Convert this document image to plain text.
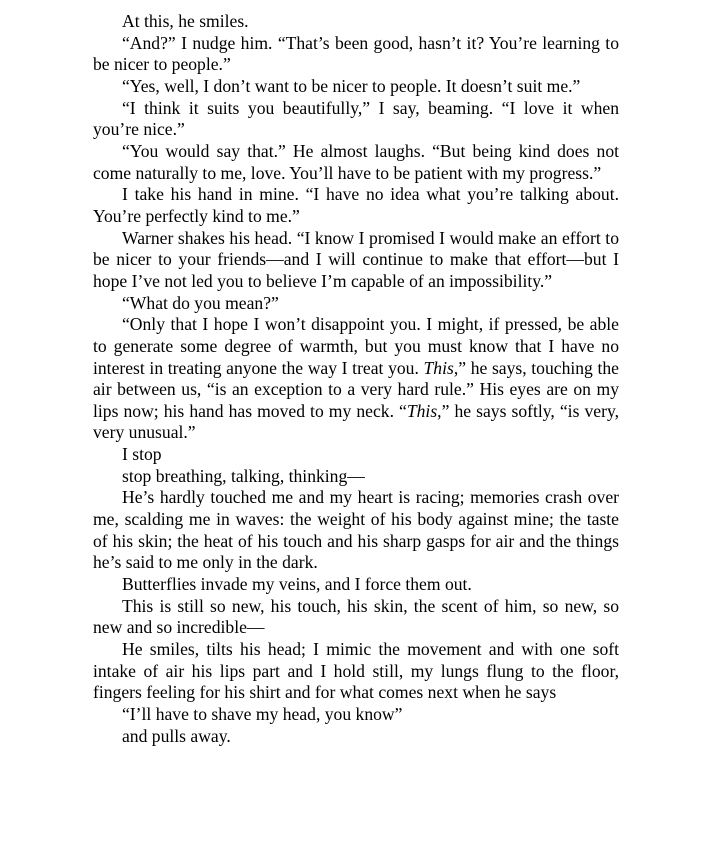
At this, he smiles.

“And?” I nudge him. “That’s been good, hasn’t it? You’re learning to be nicer to people.”

“Yes, well, I don’t want to be nicer to people. It doesn’t suit me.”

“I think it suits you beautifully,” I say, beaming. “I love it when you’re nice.”

“You would say that.” He almost laughs. “But being kind does not come naturally to me, love. You’ll have to be patient with my progress.”

I take his hand in mine. “I have no idea what you’re talking about. You’re perfectly kind to me.”

Warner shakes his head. “I know I promised I would make an effort to be nicer to your friends—and I will continue to make that effort—but I hope I’ve not led you to believe I’m capable of an impossibility.”

“What do you mean?”

“Only that I hope I won’t disappoint you. I might, if pressed, be able to generate some degree of warmth, but you must know that I have no interest in treating anyone the way I treat you. This,” he says, touching the air between us, “is an exception to a very hard rule.” His eyes are on my lips now; his hand has moved to my neck. “This,” he says softly, “is very, very unusual.”

I stop

stop breathing, talking, thinking—

He’s hardly touched me and my heart is racing; memories crash over me, scalding me in waves: the weight of his body against mine; the taste of his skin; the heat of his touch and his sharp gasps for air and the things he’s said to me only in the dark.

Butterflies invade my veins, and I force them out.

This is still so new, his touch, his skin, the scent of him, so new, so new and so incredible—

He smiles, tilts his head; I mimic the movement and with one soft intake of air his lips part and I hold still, my lungs flung to the floor, fingers feeling for his shirt and for what comes next when he says

“I’ll have to shave my head, you know”

and pulls away.
